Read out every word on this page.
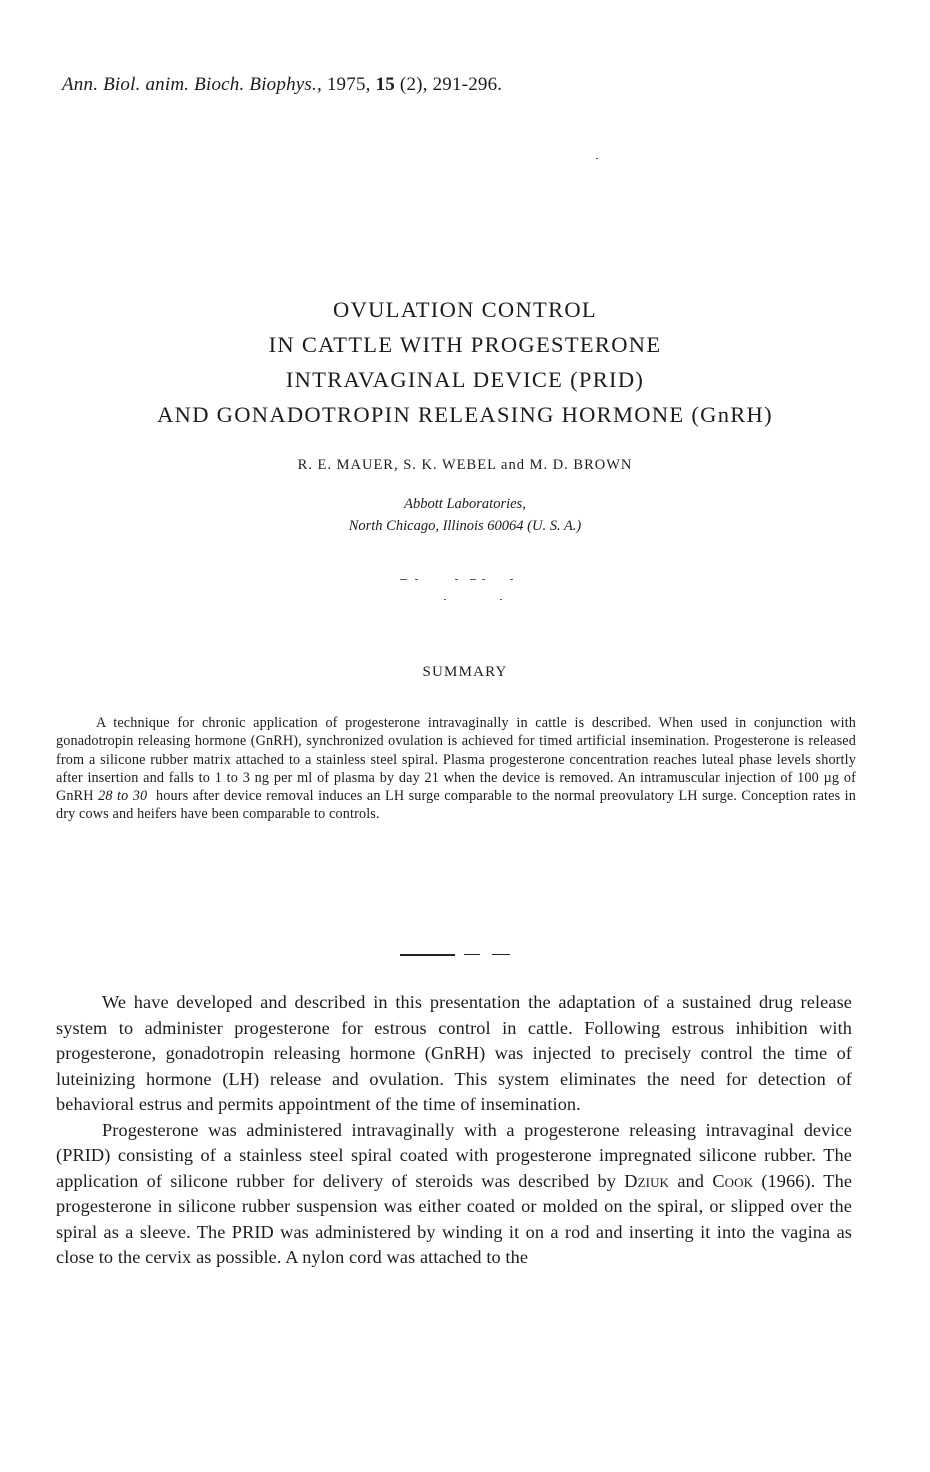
Ann. Biol. anim. Bioch. Biophys., 1975, 15 (2), 291-296.
OVULATION CONTROL
IN CATTLE WITH PROGESTERONE
INTRAVAGINAL DEVICE (PRID)
AND GONADOTROPIN RELEASING HORMONE (GnRH)
R. E. MAUER, S. K. WEBEL and M. D. BROWN
Abbott Laboratories,
North Chicago, Illinois 60064 (U. S. A.)
SUMMARY
A technique for chronic application of progesterone intravaginally in cattle is described. When used in conjunction with gonadotropin releasing hormone (GnRH), synchronized ovulation is achieved for timed artificial insemination. Progesterone is released from a silicone rubber matrix attached to a stainless steel spiral. Plasma progesterone concentration reaches luteal phase levels shortly after insertion and falls to 1 to 3 ng per ml of plasma by day 21 when the device is removed. An intramuscular injection of 100 µg of GnRH 28 to 30 hours after device removal induces an LH surge comparable to the normal preovulatory LH surge. Conception rates in dry cows and heifers have been comparable to controls.

We have developed and described in this presentation the adaptation of a sustained drug release system to administer progesterone for estrous control in cattle. Following estrous inhibition with progesterone, gonadotropin releasing hormone (GnRH) was injected to precisely control the time of luteinizing hormone (LH) release and ovulation. This system eliminates the need for detection of behavioral estrus and permits appointment of the time of insemination.

Progesterone was administered intravaginally with a progesterone releasing intravaginal device (PRID) consisting of a stainless steel spiral coated with progesterone impregnated silicone rubber. The application of silicone rubber for delivery of steroids was described by Dziuk and Cook (1966). The progesterone in silicone rubber suspension was either coated or molded on the spiral, or slipped over the spiral as a sleeve. The PRID was administered by winding it on a rod and inserting it into the vagina as close to the cervix as possible. A nylon cord was attached to the
